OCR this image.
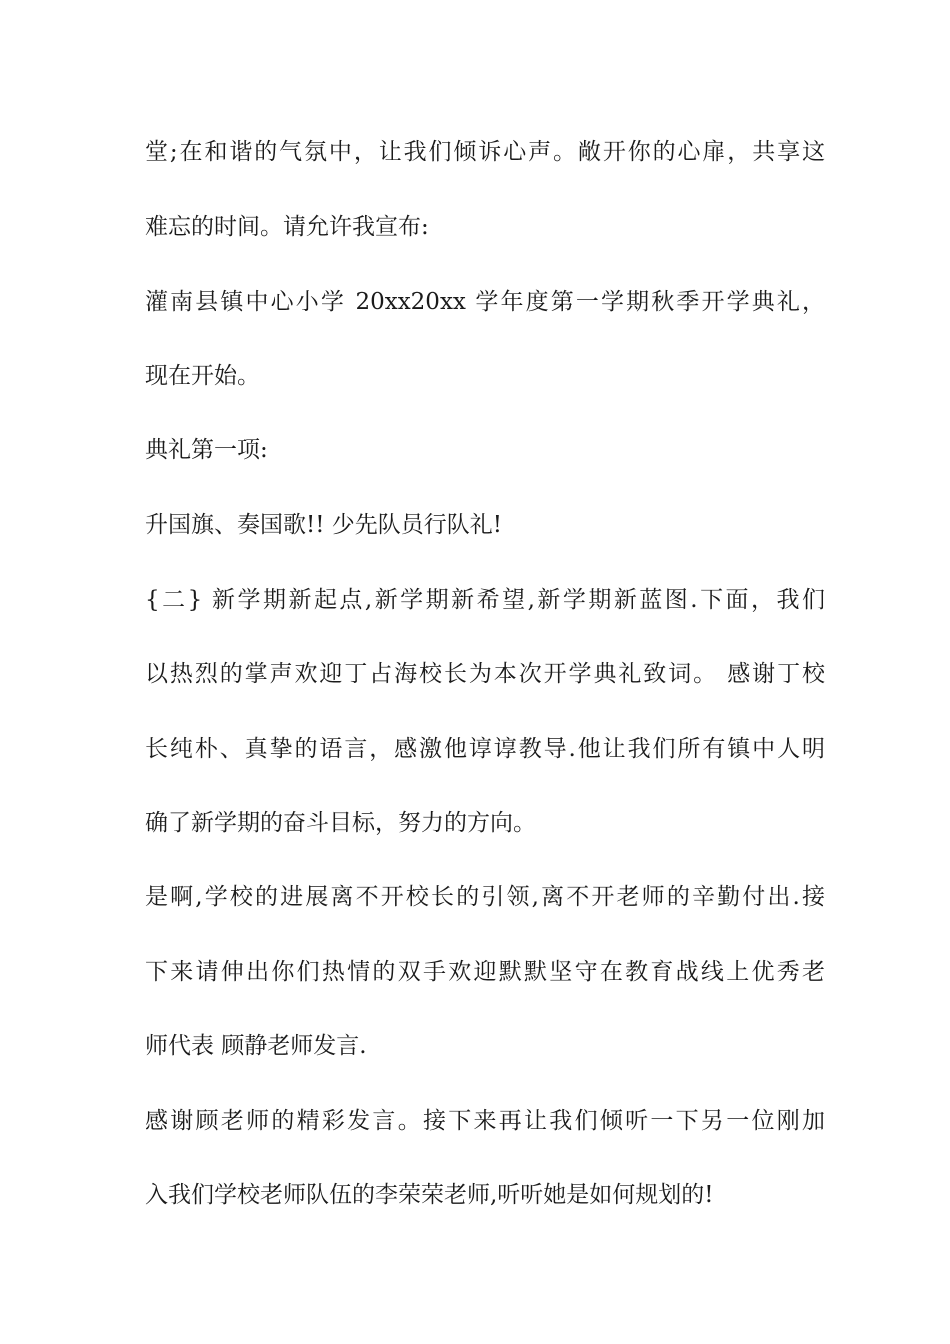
堂;在和谐的气氛中，让我们倾诉心声。敞开你的心扉，共享这
难忘的时间。请允许我宣布:
灌南县镇中心小学 20xx20xx 学年度第一学期秋季开学典礼，
现在开始。
典礼第一项:
升国旗、奏国歌!! 少先队员行队礼!
{二} 新学期新起点,新学期新希望,新学期新蓝图.下面，我们
以热烈的掌声欢迎丁占海校长为本次开学典礼致词。 感谢丁校
长纯朴、真挚的语言，感激他谆谆教导.他让我们所有镇中人明
确了新学期的奋斗目标，努力的方向。
是啊,学校的进展离不开校长的引领,离不开老师的辛勤付出.接
下来请伸出你们热情的双手欢迎默默坚守在教育战线上优秀老
师代表 顾静老师发言.
感谢顾老师的精彩发言。接下来再让我们倾听一下另一位刚加
入我们学校老师队伍的李荣荣老师,听听她是如何规划的!
